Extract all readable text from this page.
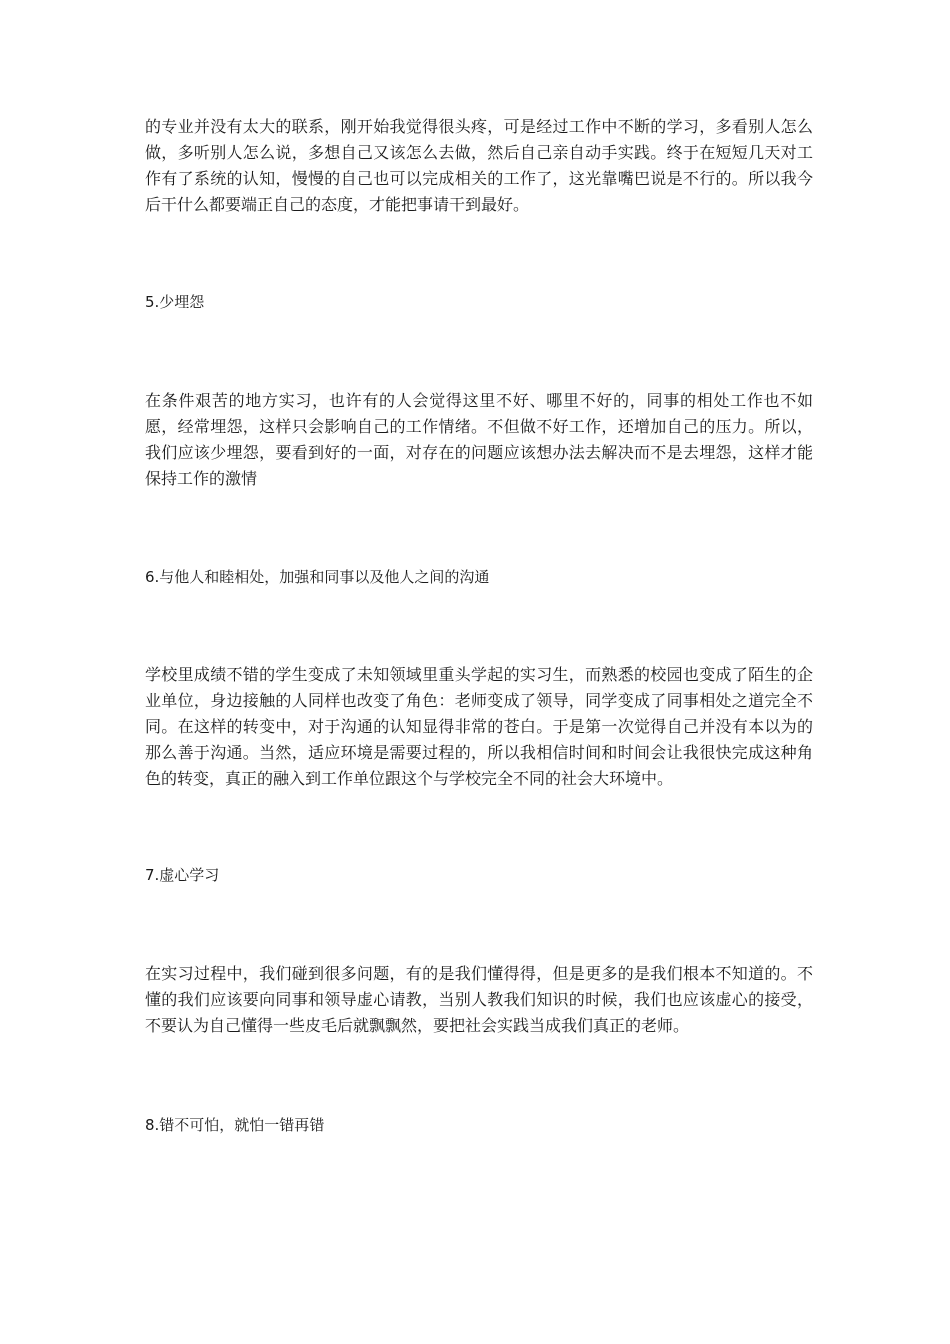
的专业并没有太大的联系，刚开始我觉得很头疼，可是经过工作中不断的学习，多看别人怎么做，多听别人怎么说，多想自己又该怎么去做，然后自己亲自动手实践。终于在短短几天对工作有了系统的认知，慢慢的自己也可以完成相关的工作了，这光靠嘴巴说是不行的。所以我今后干什么都要端正自己的态度，才能把事请干到最好。

5.少埋怨

在条件艰苦的地方实习，也许有的人会觉得这里不好、哪里不好的，同事的相处工作也不如愿，经常埋怨，这样只会影响自己的工作情绪。不但做不好工作，还增加自己的压力。所以，我们应该少埋怨，要看到好的一面，对存在的问题应该想办法去解决而不是去埋怨，这样才能保持工作的激情

6.与他人和睦相处，加强和同事以及他人之间的沟通

学校里成绩不错的学生变成了未知领域里重头学起的实习生，而熟悉的校园也变成了陌生的企业单位，身边接触的人同样也改变了角色：老师变成了领导，同学变成了同事相处之道完全不同。在这样的转变中，对于沟通的认知显得非常的苍白。于是第一次觉得自己并没有本以为的那么善于沟通。当然，适应环境是需要过程的，所以我相信时间和时间会让我很快完成这种角色的转变，真正的融入到工作单位跟这个与学校完全不同的社会大环境中。

7.虚心学习

在实习过程中，我们碰到很多问题，有的是我们懂得得，但是更多的是我们根本不知道的。不懂的我们应该要向同事和领导虚心请教，当别人教我们知识的时候，我们也应该虚心的接受，不要认为自己懂得一些皮毛后就飘飘然，要把社会实践当成我们真正的老师。

8.错不可怕，就怕一错再错
